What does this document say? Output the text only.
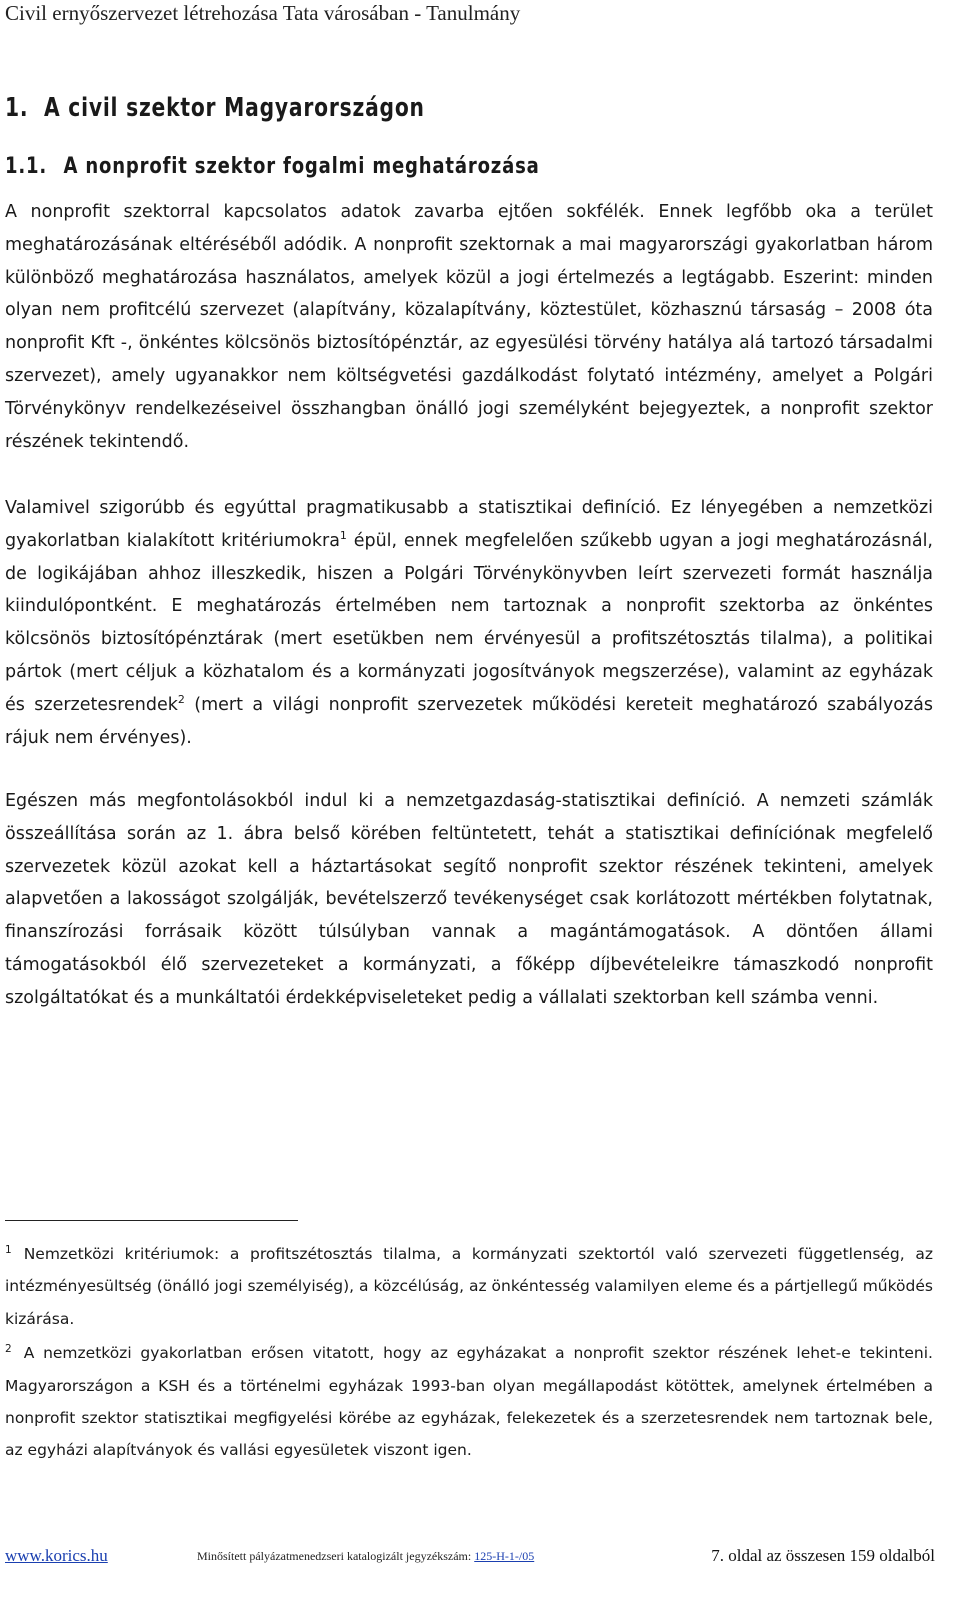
Civil ernyőszervezet létrehozása Tata városában - Tanulmány
1. A civil szektor Magyarországon
1.1. A nonprofit szektor fogalmi meghatározása

A nonprofit szektorral kapcsolatos adatok zavarba ejtően sokfélék. Ennek legfőbb oka a terület meghatározásának eltéréséből adódik. A nonprofit szektornak a mai magyarországi gyakorlatban három különböző meghatározása használatos, amelyek közül a jogi értelmezés a legtágabb. Eszerint: minden olyan nem profitcélú szervezet (alapítvány, közalapítvány, köztestület, közhasznú társaság – 2008 óta nonprofit Kft -, önkéntes kölcsönös biztosítópénztár, az egyesülési törvény hatálya alá tartozó társadalmi szervezet), amely ugyanakkor nem költségvetési gazdálkodást folytató intézmény, amelyet a Polgári Törvénykönyv rendelkezéseivel összhangban önálló jogi személyként bejegyeztek, a nonprofit szektor részének tekintendő.

Valamivel szigorúbb és egyúttal pragmatikusabb a statisztikai definíció. Ez lényegében a nemzetközi gyakorlatban kialakított kritériumokra$^1$ épül, ennek megfelelően szűkebb ugyan a jogi meghatározásnál, de logikájában ahhoz illeszkedik, hiszen a Polgári Törvénykönyvben leírt szervezeti formát használja kiindulópontként. E meghatározás értelmében nem tartoznak a nonprofit szektorba az önkéntes kölcsönös biztosítópénztárak (mert esetükben nem érvényesül a profitszétosztás tilalma), a politikai pártok (mert céljuk a közhatalom és a kormányzati jogosítványok megszerzése), valamint az egyházak és szerzetesrendek$^2$ (mert a világi nonprofit szervezetek működési kereteit meghatározó szabályozás rájuk nem érvényes).

Egészen más megfontolásokból indul ki a nemzetgazdaság-statisztikai definíció. A nemzeti számlák összeállítása során az 1. ábra belső körében feltüntetett, tehát a statisztikai definíciónak megfelelő szervezetek közül azokat kell a háztartásokat segítő nonprofit szektor részének tekinteni, amelyek alapvetően a lakosságot szolgálják, bevételszerző tevékenységet csak korlátozott mértékben folytatnak, finanszírozási forrásaik között túlsúlyban vannak a magántámogatások. A döntően állami támogatásokból élő szervezeteket a kormányzati, a főképp díjbevételeikre támaszkodó nonprofit szolgáltatókat és a munkáltatói érdekképviseleteket pedig a vállalati szektorban kell számba venni.

$^1$ Nemzetközi kritériumok: a profitszétosztás tilalma, a kormányzati szektortól való szervezeti függetlenség, az intézményesültség (önálló jogi személyiség), a közcélúság, az önkéntesség valamilyen eleme és a pártjellegű működés kizárása.
$^2$ A nemzetközi gyakorlatban erősen vitatott, hogy az egyházakat a nonprofit szektor részének lehet-e tekinteni. Magyarországon a KSH és a történelmi egyházak 1993-ban olyan megállapodást kötöttek, amelynek értelmében a nonprofit szektor statisztikai megfigyelési körébe az egyházak, felekezetek és a szerzetesrendek nem tartoznak bele, az egyházi alapítványok és vallási egyesületek viszont igen.
www.korics.hu	Minősített pályázatmenedzseri katalogizált jegyzékszám: 125-H-1-/05	7. oldal az összesen 159 oldalból
